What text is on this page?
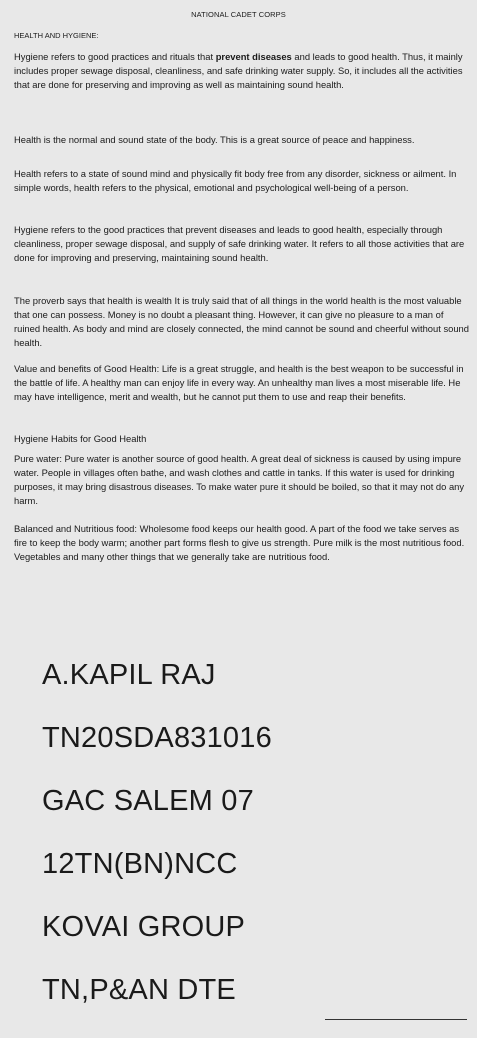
NATIONAL CADET CORPS
HEALTH AND HYGIENE:

Hygiene refers to good practices and rituals that prevent diseases and leads to good health. Thus, it mainly includes proper sewage disposal, cleanliness, and safe drinking water supply. So, it includes all the activities that are done for preserving and improving as well as maintaining sound health.

Health is the normal and sound state of the body. This is a great source of peace and happiness.

Health refers to a state of sound mind and physically fit body free from any disorder, sickness or ailment. In simple words, health refers to the physical, emotional and psychological well-being of a person.

Hygiene refers to the good practices that prevent diseases and leads to good health, especially through cleanliness, proper sewage disposal, and supply of safe drinking water. It refers to all those activities that are done for improving and preserving, maintaining sound health.

The proverb says that health is wealth It is truly said that of all things in the world health is the most valuable that one can possess. Money is no doubt a pleasant thing. However, it can give no pleasure to a man of ruined health. As body and mind are closely connected, the mind cannot be sound and cheerful without sound health.

Value and benefits of Good Health: Life is a great struggle, and health is the best weapon to be successful in the battle of life. A healthy man can enjoy life in every way. An unhealthy man lives a most miserable life. He may have intelligence, merit and wealth, but he cannot put them to use and reap their benefits.

Hygiene Habits for Good Health

Pure water: Pure water is another source of good health. A great deal of sickness is caused by using impure water. People in villages often bathe, and wash clothes and cattle in tanks. If this water is used for drinking purposes, it may bring disastrous diseases. To make water pure it should be boiled, so that it may not do any harm.

Balanced and Nutritious food: Wholesome food keeps our health good. A part of the food we take serves as fire to keep the body warm; another part forms flesh to give us strength. Pure milk is the most nutritious food. Vegetables and many other things that we generally take are nutritious food.

A.KAPIL RAJ

TN20SDA831016

GAC SALEM 07

12TN(BN)NCC

KOVAI GROUP

TN,P&AN DTE
